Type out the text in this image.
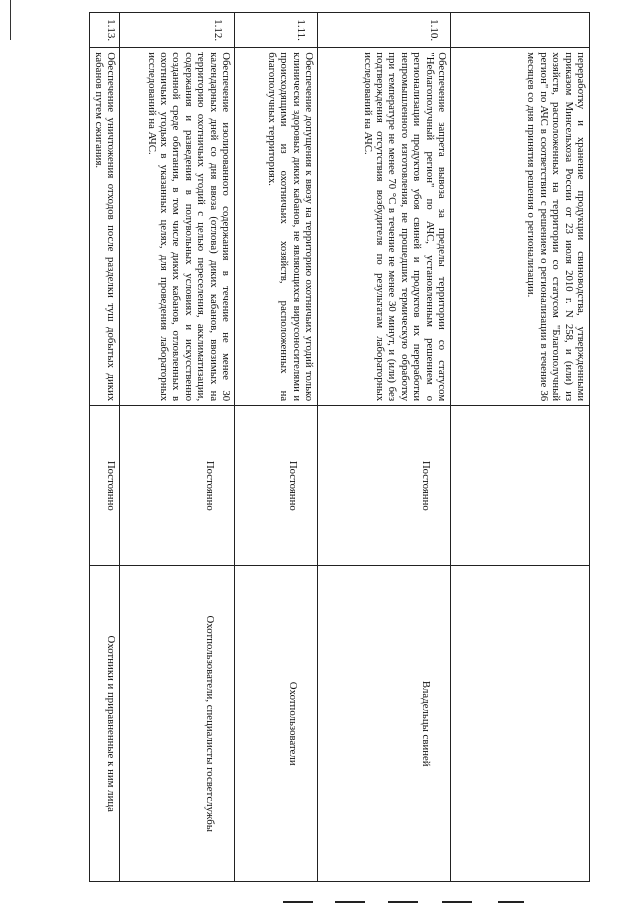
	переработку и хранение продукции свиноводства, утвержденными приказом Минсельхоза России от 23 июля 2010 г. N 258, и (или) из хозяйств, расположенных на территории со статусом "Благополучный регион" по АЧС в соответствии с решением о регионализации в течение 36 месяцев со дня принятия решения о регионализации.		
1.10.	Обеспечение запрета вывоза за пределы территории со статусом "Неблагополучный регион" по АЧС, установленным решением о регионализации продуктов убоя свиней и продуктов их переработки непромышленного изготовления, не прошедших термическую обработку при температуре не менее 70 °C в течение не менее 30 минут, и (или) без подтверждения отсутствия возбудителя по результатам лабораторных исследований на АЧС.	Постоянно	Владельцы свиней
1.11.	Обеспечение допущения к ввозу на территорию охотничьих угодий только клинически здоровых диких кабанов, не являющихся вирусоносителями и происходящими из охотничьих хозяйств, расположенных на благополучных территориях.	Постоянно	Охотпользователи
1.12.	Обеспечение изолированного содержания в течение не менее 30 календарных дней со дня ввоза (отлова) диких кабанов, ввозимых на территорию охотничьих угодий с целью переселения, акклиматизации, содержания и разведения в полувольных условиях и искусственно созданной среде обитания, в том числе диких кабанов, отловленных в охотничьих угодьях в указанных целях, для проведения лабораторных исследований на АЧС.	Постоянно	Охотпользователи, специалисты госветслужбы
1.13.	Обеспечение уничтожения отходов после разделки туш добытых диких кабанов путем сжигания.	Постоянно	Охотники и приравненные к ним лица
